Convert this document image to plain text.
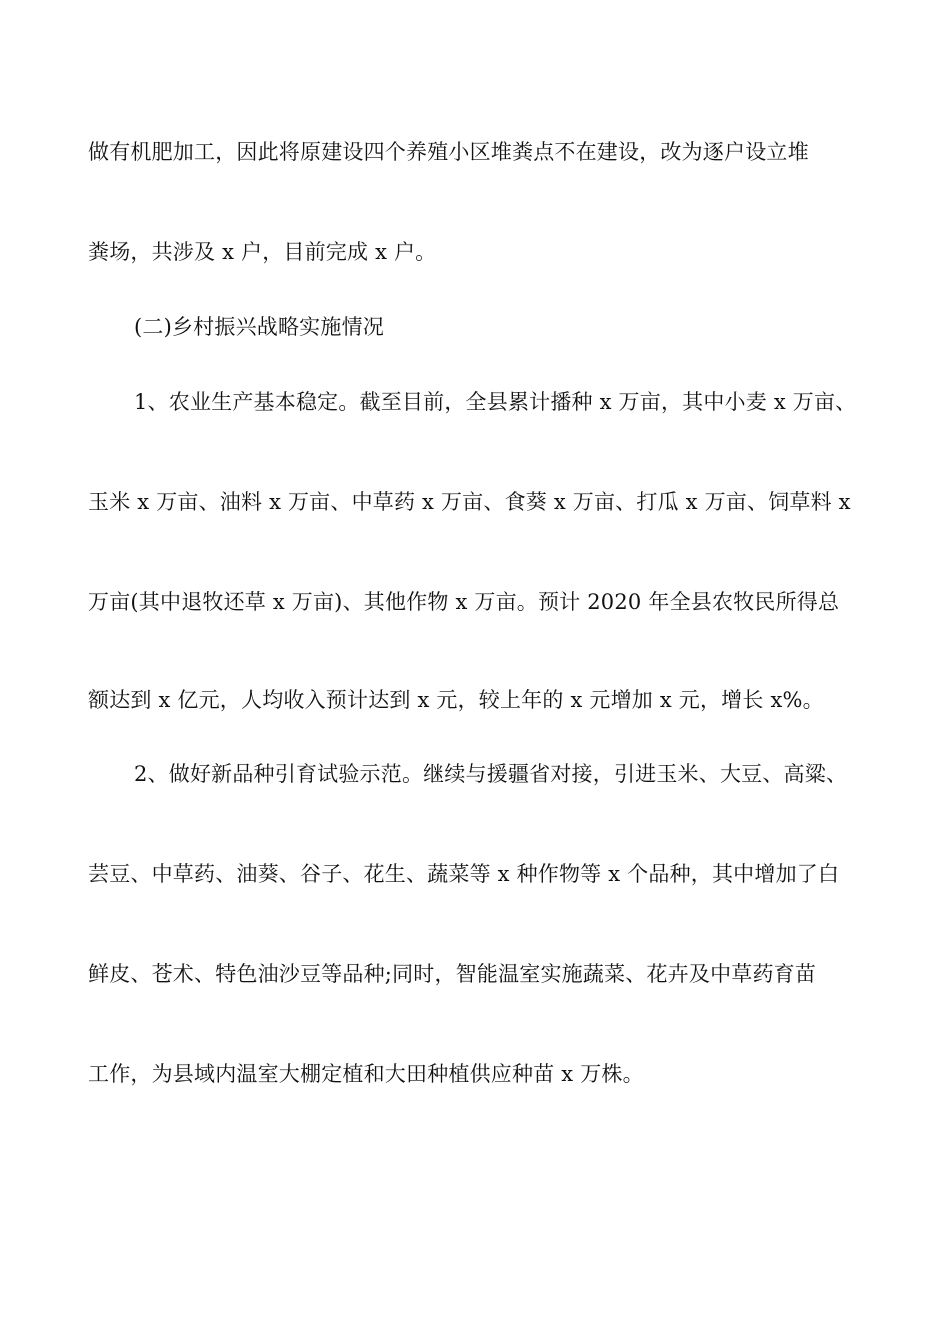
做有机肥加工，因此将原建设四个养殖小区堆粪点不在建设，改为逐户设立堆
粪场，共涉及 x 户，目前完成 x 户。
(二)乡村振兴战略实施情况
1、农业生产基本稳定。截至目前，全县累计播种 x 万亩，其中小麦 x 万亩、
玉米 x 万亩、油料 x 万亩、中草药 x 万亩、食葵 x 万亩、打瓜 x 万亩、饲草料 x
万亩(其中退牧还草 x 万亩)、其他作物 x 万亩。预计 2020 年全县农牧民所得总
额达到 x 亿元，人均收入预计达到 x 元，较上年的 x 元增加 x 元，增长 x%。
2、做好新品种引育试验示范。继续与援疆省对接，引进玉米、大豆、高粱、
芸豆、中草药、油葵、谷子、花生、蔬菜等 x 种作物等 x 个品种，其中增加了白
鲜皮、苍术、特色油沙豆等品种;同时，智能温室实施蔬菜、花卉及中草药育苗
工作，为县域内温室大棚定植和大田种植供应种苗 x 万株。
